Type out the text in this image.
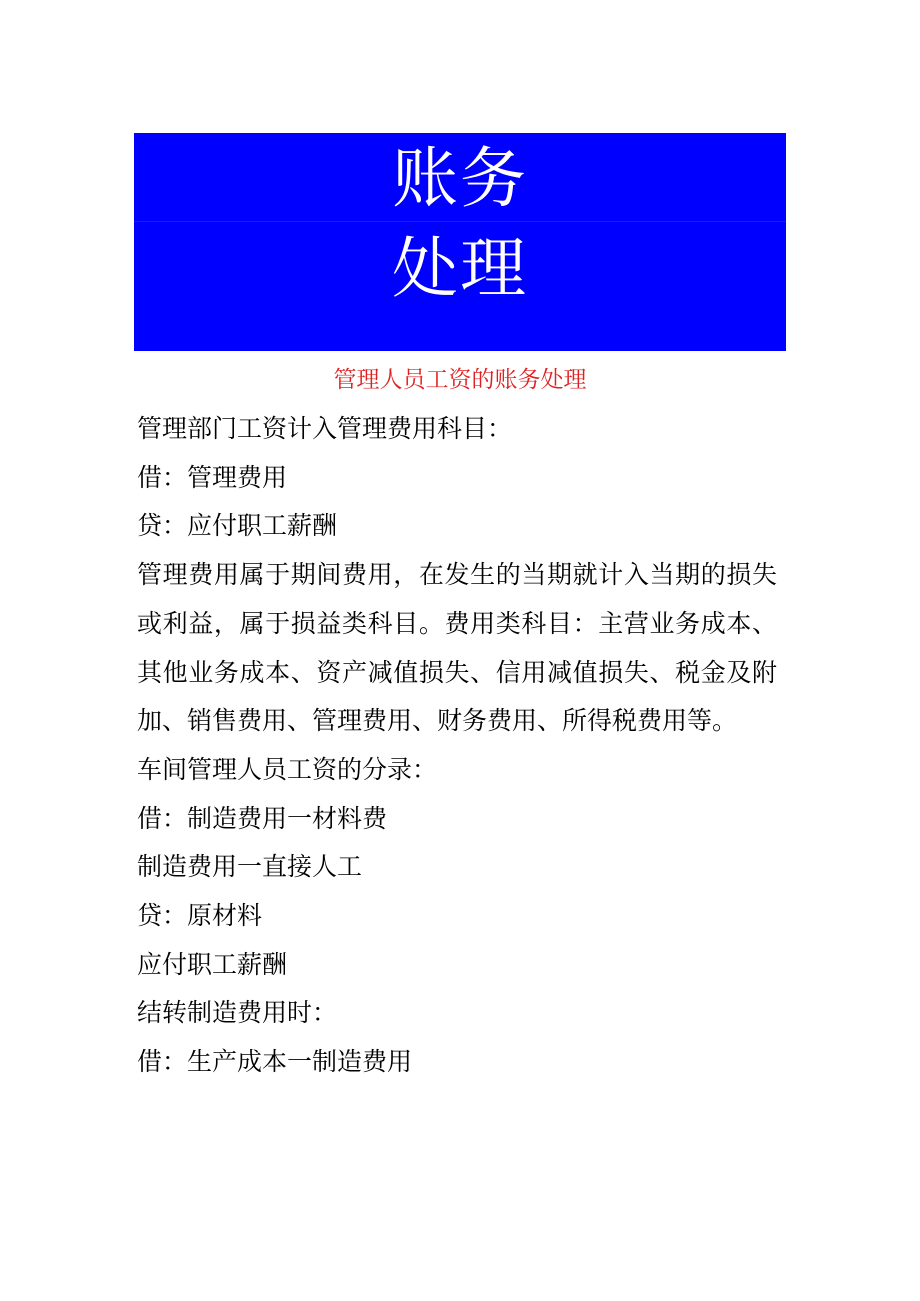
账务
处理
管理人员工资的账务处理

管理部门工资计入管理费用科目：

借：管理费用

贷：应付职工薪酬

管理费用属于期间费用，在发生的当期就计入当期的损失或利益，属于损益类科目。费用类科目：主营业务成本、其他业务成本、资产减值损失、信用减值损失、税金及附加、销售费用、管理费用、财务费用、所得税费用等。

车间管理人员工资的分录：

借：制造费用一材料费

制造费用一直接人工

贷：原材料

应付职工薪酬

结转制造费用时：

借：生产成本一制造费用
